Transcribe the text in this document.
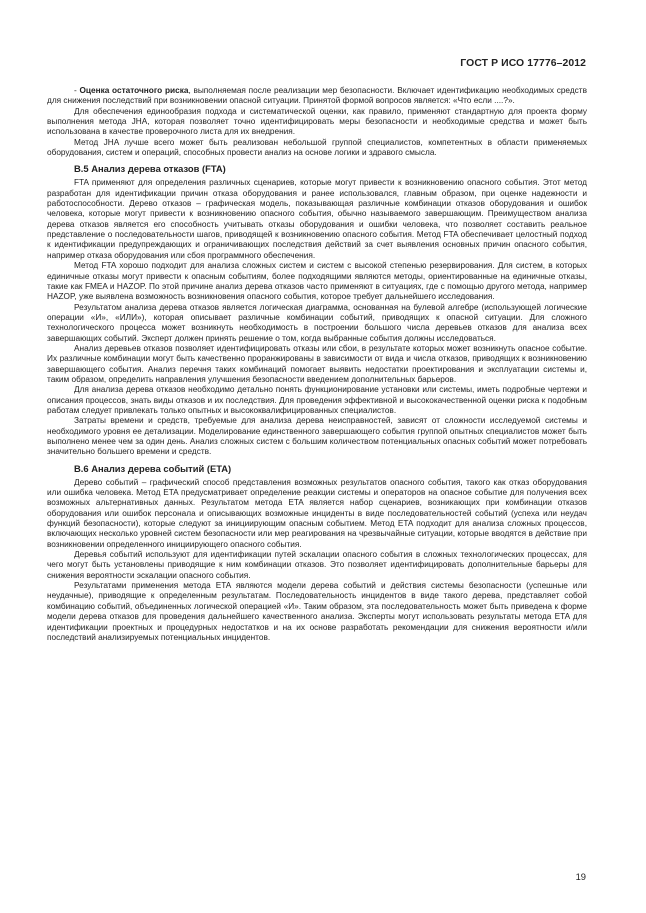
ГОСТ Р ИСО 17776–2012

- Оценка остаточного риска, выполняемая после реализации мер безопасности. Включает идентификацию необходимых средств для снижения последствий при возникновении опасной ситуации. Принятой формой вопросов является: «Что если ....?».

Для обеспечения единообразия подхода и систематической оценки, как правило, применяют стандартную для проекта форму выполнения метода JHA, которая позволяет точно идентифицировать меры безопасности и необходимые средства и может быть использована в качестве проверочного листа для их внедрения.

Метод JHA лучше всего может быть реализован небольшой группой специалистов, компетентных в области применяемых оборудования, систем и операций, способных провести анализ на основе логики и здравого смысла.

B.5 Анализ дерева отказов (FTA)

FTA применяют для определения различных сценариев, которые могут привести к возникновению опасного события. Этот метод разработан для идентификации причин отказа оборудования и ранее использовался, главным образом, при оценке надежности и работоспособности. Дерево отказов – графическая модель, показывающая различные комбинации отказов оборудования и ошибок человека, которые могут привести к возникновению опасного события, обычно называемого завершающим. Преимуществом анализа дерева отказов является его способность учитывать отказы оборудования и ошибки человека, что позволяет составить реальное представление о последовательности шагов, приводящей к возникновению опасного события. Метод FTA обеспечивает целостный подход к идентификации предупреждающих и ограничивающих последствия действий за счет выявления основных причин опасного события, например отказа оборудования или сбоя программного обеспечения.

Метод FTA хорошо подходит для анализа сложных систем и систем с высокой степенью резервирования. Для систем, в которых единичные отказы могут привести к опасным событиям, более подходящими являются методы, ориентированные на единичные отказы, такие как FMEA и HAZOP. По этой причине анализ дерева отказов часто применяют в ситуациях, где с помощью другого метода, например HAZOP, уже выявлена возможность возникновения опасного события, которое требует дальнейшего исследования.

Результатом анализа дерева отказов является логическая диаграмма, основанная на булевой алгебре (использующей логические операции «И», «ИЛИ»), которая описывает различные комбинации событий, приводящих к опасной ситуации. Для сложного технологического процесса может возникнуть необходимость в построении большого числа деревьев отказов для анализа всех завершающих событий. Эксперт должен принять решение о том, когда выбранные события должны исследоваться.

Анализ деревьев отказов позволяет идентифицировать отказы или сбои, в результате которых может возникнуть опасное событие. Их различные комбинации могут быть качественно проранжированы в зависимости от вида и числа отказов, приводящих к возникновению завершающего события. Анализ перечня таких комбинаций помогает выявить недостатки проектирования и эксплуатации системы и, таким образом, определить направления улучшения безопасности введением дополнительных барьеров.

Для анализа дерева отказов необходимо детально понять функционирование установки или системы, иметь подробные чертежи и описания процессов, знать виды отказов и их последствия. Для проведения эффективной и высококачественной оценки риска к подобным работам следует привлекать только опытных и высококвалифицированных специалистов.

Затраты времени и средств, требуемые для анализа дерева неисправностей, зависят от сложности исследуемой системы и необходимого уровня ее детализации. Моделирование единственного завершающего события группой опытных специалистов может быть выполнено менее чем за один день. Анализ сложных систем с большим количеством потенциальных опасных событий может потребовать значительно большего времени и средств.

B.6 Анализ дерева событий (ETA)

Дерево событий – графический способ представления возможных результатов опасного события, такого как отказ оборудования или ошибка человека. Метод ETA предусматривает определение реакции системы и операторов на опасное событие для получения всех возможных альтернативных данных. Результатом метода ETA является набор сценариев, возникающих при комбинации отказов оборудования или ошибок персонала и описывающих возможные инциденты в виде последовательностей событий (успеха или неудач функций безопасности), которые следуют за инициирующим опасным событием. Метод ETA подходит для анализа сложных процессов, включающих несколько уровней систем безопасности или мер реагирования на чрезвычайные ситуации, которые вводятся в действие при возникновении определенного инициирующего опасного события.

Деревья событий используют для идентификации путей эскалации опасного события в сложных технологических процессах, для чего могут быть установлены приводящие к ним комбинации отказов. Это позволяет идентифицировать дополнительные барьеры для снижения вероятности эскалации опасного события.

Результатами применения метода ETA являются модели дерева событий и действия системы безопасности (успешные или неудачные), приводящие к определенным результатам. Последовательность инцидентов в виде такого дерева, представляет собой комбинацию событий, объединенных логической операцией «И». Таким образом, эта последовательность может быть приведена к форме модели дерева отказов для проведения дальнейшего качественного анализа. Эксперты могут использовать результаты метода ETA для идентификации проектных и процедурных недостатков и на их основе разработать рекомендации для снижения вероятности и/или последствий анализируемых потенциальных инцидентов.

19
